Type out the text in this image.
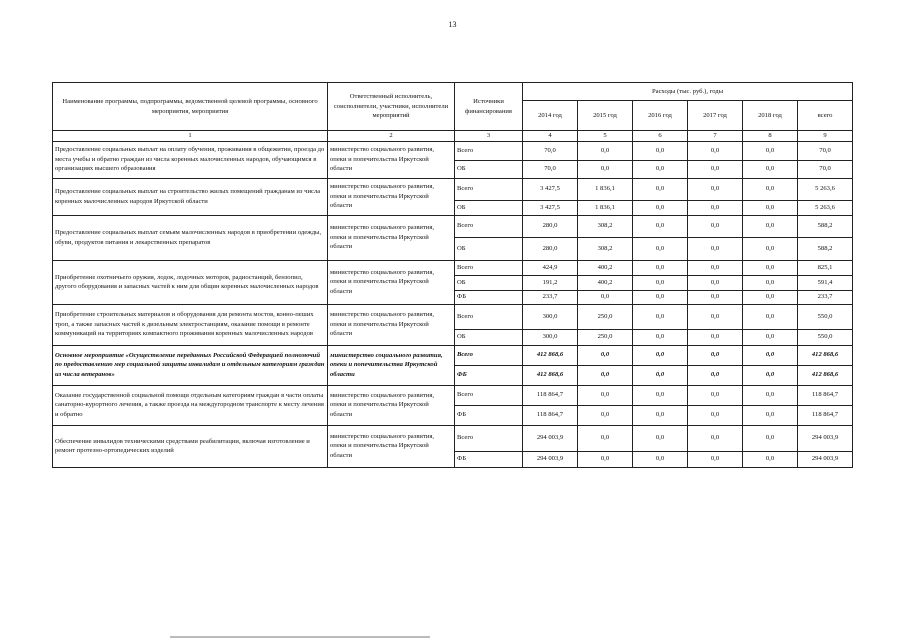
13
Наименование программы, подпрограммы, ведомственной целевой программы, основного мероприятия, мероприятия	Ответственный исполнитель, соисполнители, участники, исполнители мероприятий	Источники финансирования	Расходы (тыс. руб.), годы					
			2014 год	2015 год	2016 год	2017 год	2018 год	всего
1	2	3	4	5	6	7	8	9
Предоставление социальных выплат на оплату обучения, проживания в общежитии, проезда до места учебы и обратно граждан из числа коренных малочисленных народов, обучающимся в организациях высшего образования	министерство социального развития, опеки и попечительства Иркутской области	Всего	70,0	0,0	0,0	0,0	0,0	70,0
		ОБ	70,0	0,0	0,0	0,0	0,0	70,0
Предоставление социальных выплат на строительство жилых помещений гражданам из числа коренных малочисленных народов Иркутской области	министерство социального развития, опеки и попечительства Иркутской области	Всего	3 427,5	1 836,1	0,0	0,0	0,0	5 263,6
		ОБ	3 427,5	1 836,1	0,0	0,0	0,0	5 263,6
Предоставление социальных выплат семьям малочисленных народов в приобретении одежды, обуви, продуктов питания и лекарственных препаратов	министерство социального развития, опеки и попечительства Иркутской области	Всего	280,0	308,2	0,0	0,0	0,0	588,2
		ОБ	280,0	308,2	0,0	0,0	0,0	588,2
Приобретение охотничьего оружия, лодок, лодочных моторов, радиостанций, бензопил, другого оборудования и запасных частей к ним для общин коренных малочисленных народов	министерство социального развития, опеки и попечительства Иркутской области	Всего	424,9	400,2	0,0	0,0	0,0	825,1
		ОБ	191,2	400,2	0,0	0,0	0,0	591,4
		ФБ	233,7	0,0	0,0	0,0	0,0	233,7
Приобретение строительных материалов и оборудования для ремонта мостов, конно-пеших троп, а также запасных частей к дизельным электростанциям, оказание помощи в ремонте коммуникаций на территориях компактного проживания коренных малочисленных народов	министерство социального развития, опеки и попечительства Иркутской области	Всего	300,0	250,0	0,0	0,0	0,0	550,0
		ОБ	300,0	250,0	0,0	0,0	0,0	550,0
Основное мероприятие «Осуществление переданных Российской Федерацией полномочий по предоставлению мер социальной защиты инвалидам и отдельным категориям граждан из числа ветеранов»	министерство социального развития, опеки и попечительства Иркутской области	Всего	412 868,6	0,0	0,0	0,0	0,0	412 868,6
		ФБ	412 868,6	0,0	0,0	0,0	0,0	412 868,6
Оказание государственной социальной помощи отдельным категориям граждан в части оплаты санаторно-курортного лечения, а также проезда на междугородном транспорте к месту лечения и обратно	министерство социального развития, опеки и попечительства Иркутской области	Всего	118 864,7	0,0	0,0	0,0	0,0	118 864,7
		ФБ	118 864,7	0,0	0,0	0,0	0,0	118 864,7
Обеспечение инвалидов техническими средствами реабилитации, включая изготовление и ремонт протезно-ортопедических изделий	министерство социального развития, опеки и попечительства Иркутской области	Всего	294 003,9	0,0	0,0	0,0	0,0	294 003,9
		ФБ	294 003,9	0,0	0,0	0,0	0,0	294 003,9
